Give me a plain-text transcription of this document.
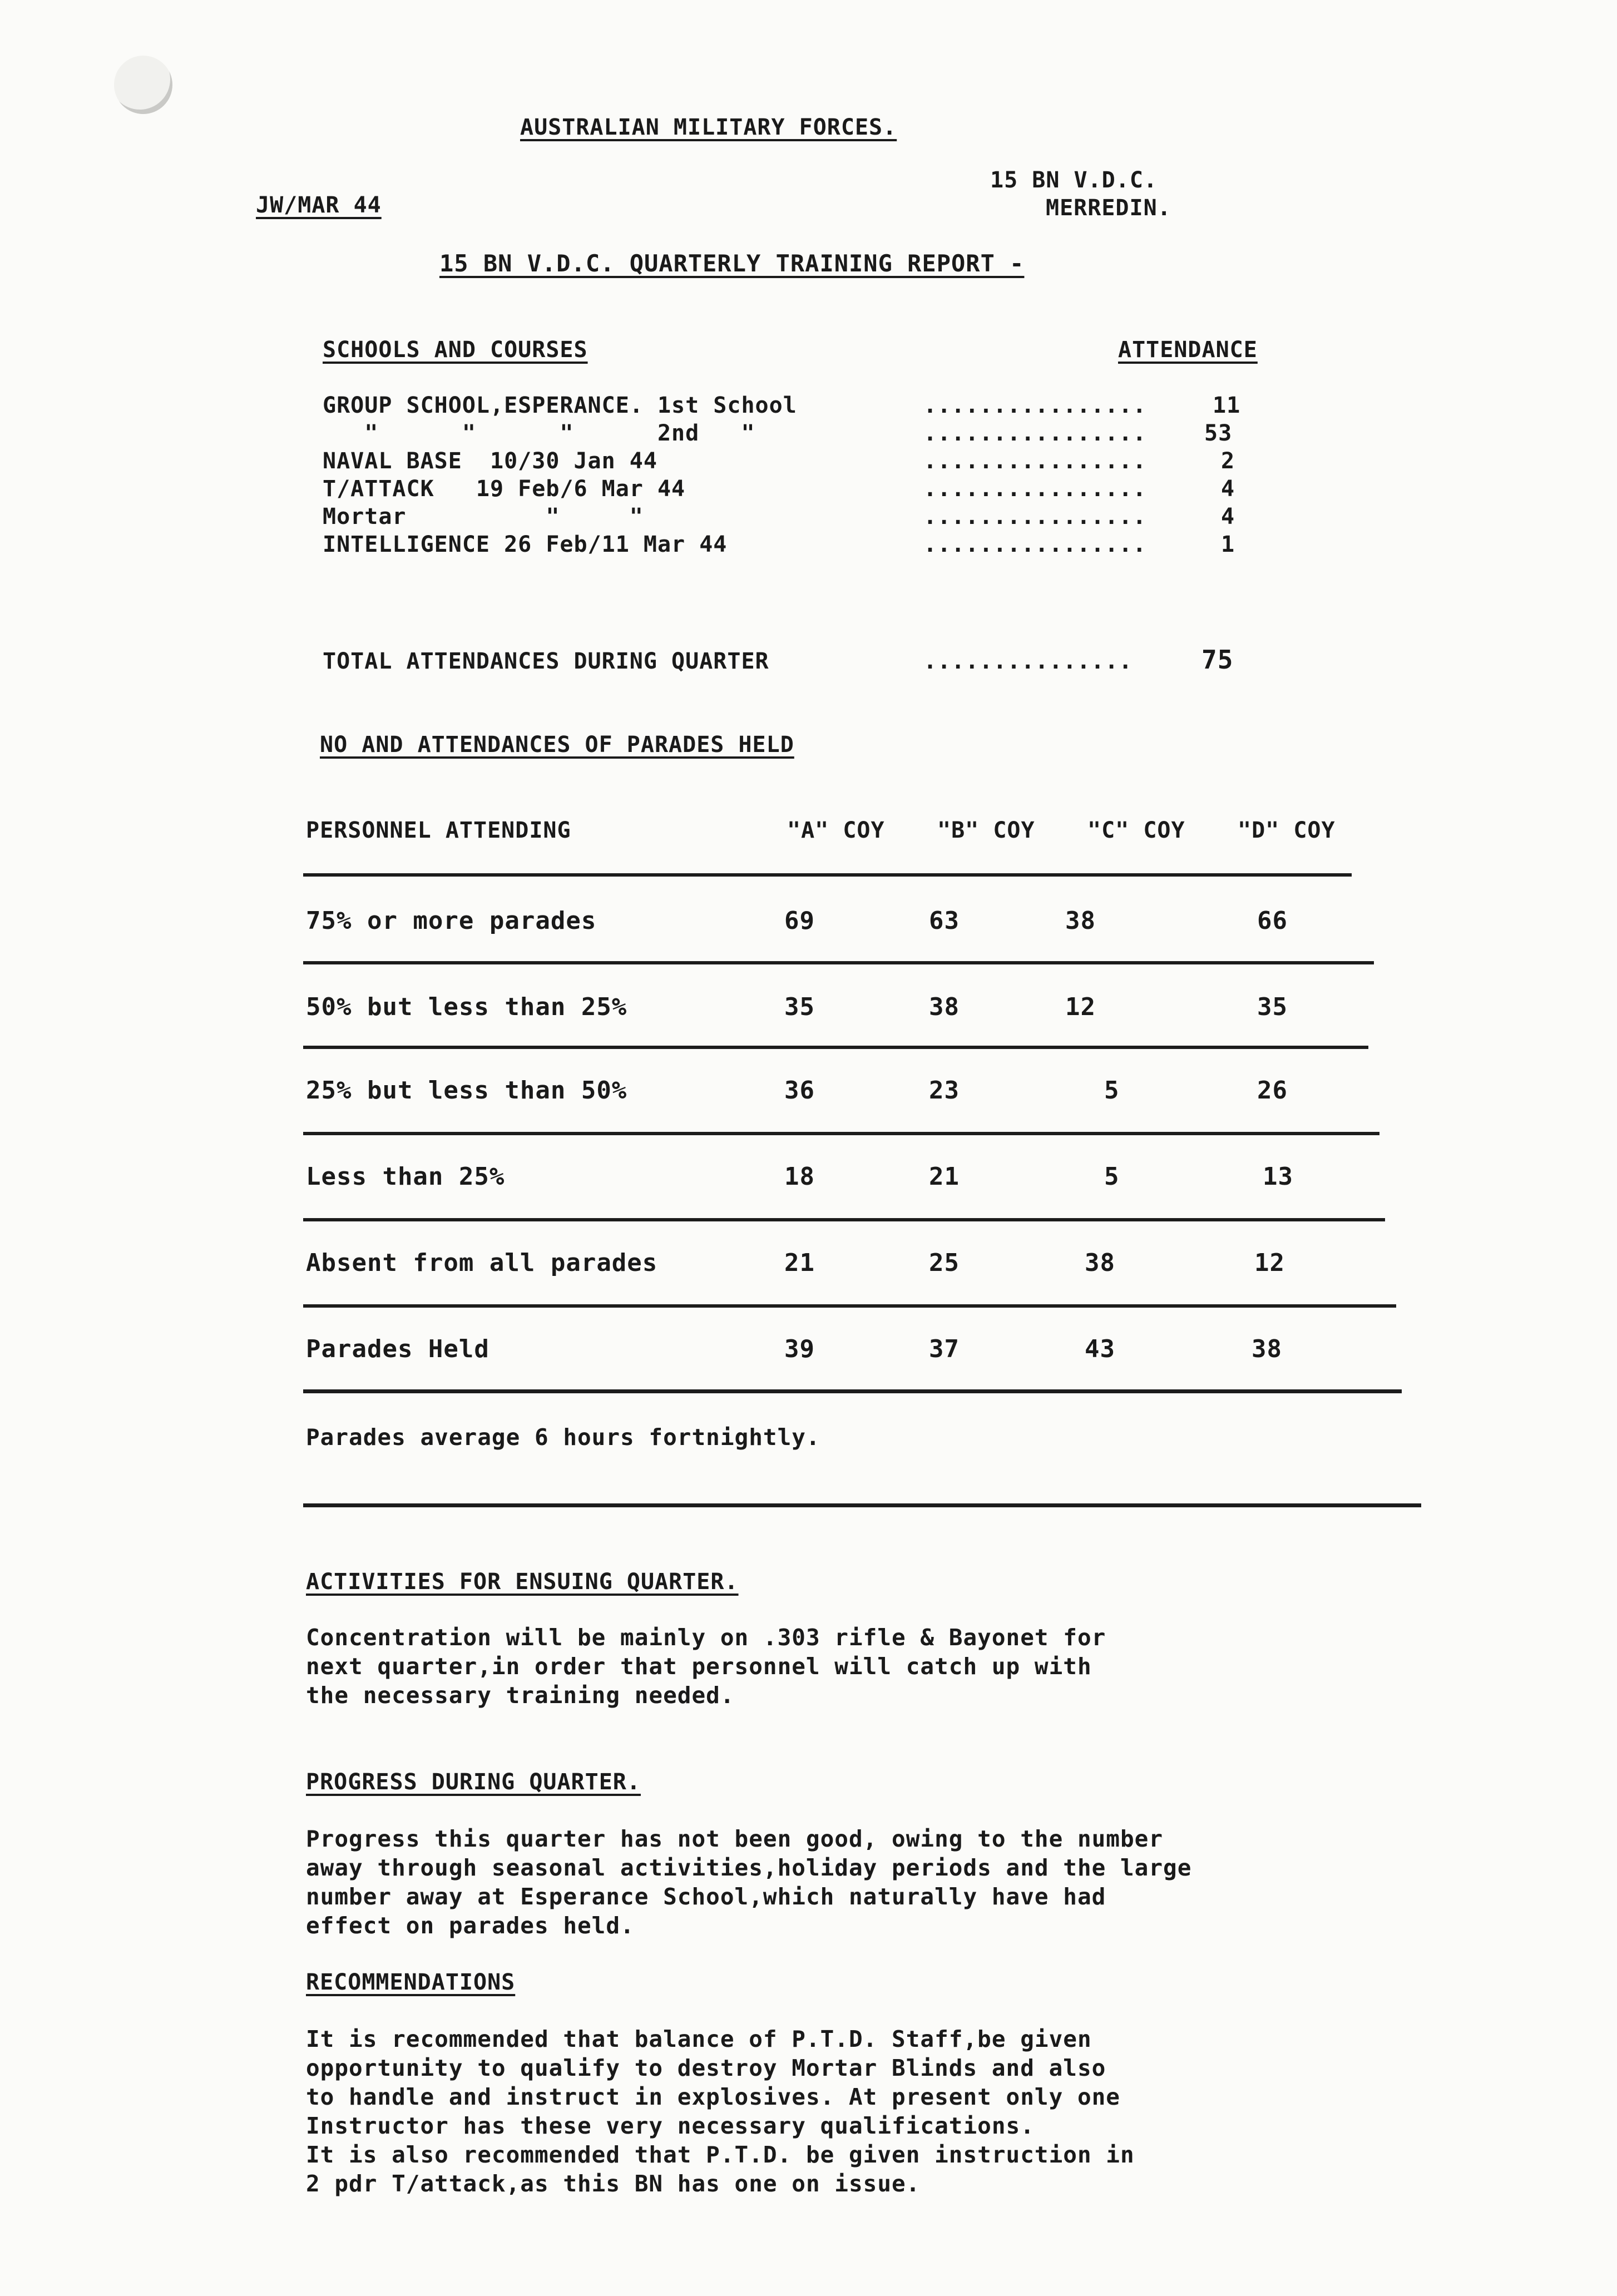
AUSTRALIAN MILITARY FORCES.
JW/MAR 44
15 BN V.D.C.
MERREDIN.
15 BN V.D.C. QUARTERLY TRAINING REPORT -
SCHOOLS AND COURSES	ATTENDANCE
GROUP SCHOOL,ESPERANCE. 1st School	................	11
"      "      "      2nd   "	................	53
NAVAL BASE  10/30 Jan 44	................	2
T/ATTACK   19 Feb/6 Mar 44	................	4
Mortar          "     "	................	4
INTELLIGENCE 26 Feb/11 Mar 44	................	1
TOTAL ATTENDANCES DURING QUARTER	...............	75
NO AND ATTENDANCES OF PARADES HELD
PERSONNEL ATTENDING	"A" COY "B" COY "C" COY "D" COY
75% or more parades	69	63	38	66
50% but less than 25%	35	38	12	35
25% but less than 50%	36	23	5	26
Less than 25%	18	21	5	13
Absent from all parades	21	25	38	12
Parades Held	39	37	43	38
Parades average 6 hours fortnightly.
ACTIVITIES FOR ENSUING QUARTER.
Concentration will be mainly on .303 rifle & Bayonet for
next quarter,in order that personnel will catch up with
the necessary training needed.
PROGRESS DURING QUARTER.
Progress this quarter has not been good, owing to the number
away through seasonal activities,holiday periods and the large
number away at Esperance School,which naturally have had
effect on parades held.
RECOMMENDATIONS
It is recommended that balance of P.T.D. Staff,be given
opportunity to qualify to destroy Mortar Blinds and also
to handle and instruct in explosives. At present only one
Instructor has these very necessary qualifications.
It is also recommended that P.T.D. be given instruction in
2 pdr T/attack,as this BN has one on issue.
